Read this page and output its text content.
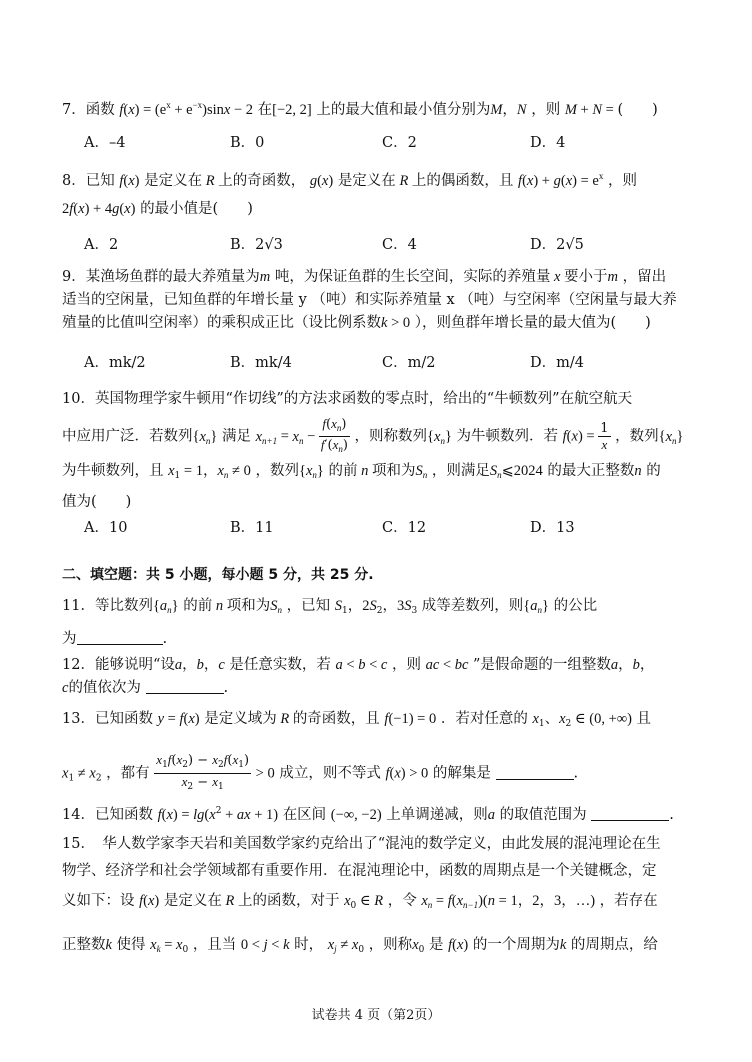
7．函数 $f(x) = (e^x + e^{-x})\sin x - 2$ 在[−2, 2] 上的最大值和最小值分别为M，N ，则 M + N = (　　)
A．–4	B．0	C．2	D．4
8．已知 f(x) 是定义在 R 上的奇函数， g(x) 是定义在 R 上的偶函数，且 $f(x) + g(x) = e^x$ ，则
2f(x) + 4g(x) 的最小值是(　　)
A．2	B．2√3	C．4	D．2√5
9．某渔场鱼群的最大养殖量为m 吨，为保证鱼群的生长空间，实际的养殖量 x 要小于m ，留出
适当的空闲量，已知鱼群的年增长量 y （吨）和实际养殖量 x （吨）与空闲率（空闲量与最大养
殖量的比值叫空闲率）的乘积成正比（设比例系数k > 0 ），则鱼群年增长量的最大值为(　　)
A．mk/2	B．mk/4	C．m/2	D．m/4
10．英国物理学家牛顿用“作切线”的方法求函数的零点时，给出的“牛顿数列”在航空航天
中应用广泛．若数列$\{x_n\}$ 满足 $x_{n+1} = x_n - \frac{f(x_n)}{f'(x_n)}$ ，则称数列$\{x_n\}$ 为牛顿数列．若 $f(x) = \frac{1}{x}$ ，数列$\{x_n\}$
为牛顿数列，且 $x_1 = 1$，$x_n \ne 0$ ，数列$\{x_n\}$ 的前 n 项和为$S_n$ ，则满足$S_n⩽2024$ 的最大正整数n 的
值为(　　)
A．10	B．11	C．12	D．13
二、填空题：共 5 小题，每小题 5 分，共 25 分.
11．等比数列$\{a_n\}$ 的前 n 项和为$S_n$ ，已知 $S_1$，$2S_2$，$3S_3$ 成等差数列，则$\{a_n\}$ 的公比
为	.
12．能够说明“设a，b，c 是任意实数，若 a < b < c ，则 ac < bc ”是假命题的一组整数a，b，
c的值依次为	.
13．已知函数 y = f(x) 是定义域为 R 的奇函数，且 f(−1) = 0 ．若对任意的 $x_1$、$x_2$ ∈ (0, +∞) 且
$x_1 \ne x_2$ ，都有 $\frac{x_1f(x_2) - x_2f(x_1)}{x_2 - x_1} > 0$ 成立，则不等式 f(x) > 0 的解集是	.
14．已知函数 $f(x) = \lg(x^2$ + ax + 1) 在区间 (−∞, −2) 上单调递减，则a 的取值范围为	.
15．　华人数学家李天岩和美国数学家约克给出了“混沌的数学定义，由此发展的混沌理论在生
物学、经济学和社会学领域都有重要作用．在混沌理论中，函数的周期点是一个关键概念，定
义如下：设 f(x) 是定义在 R 上的函数，对于 $x_0$ ∈ R ，令 $x_n = f(x_{n-1})(n = 1$，2，3，…) ，若存在
正整数k 使得 $x_k = x_0$ ，且当 0 < j < k 时， $x_j \ne x_0$ ，则称$x_0$ 是 f(x) 的一个周期为k 的周期点，给
试卷共 4 页（第2页）
